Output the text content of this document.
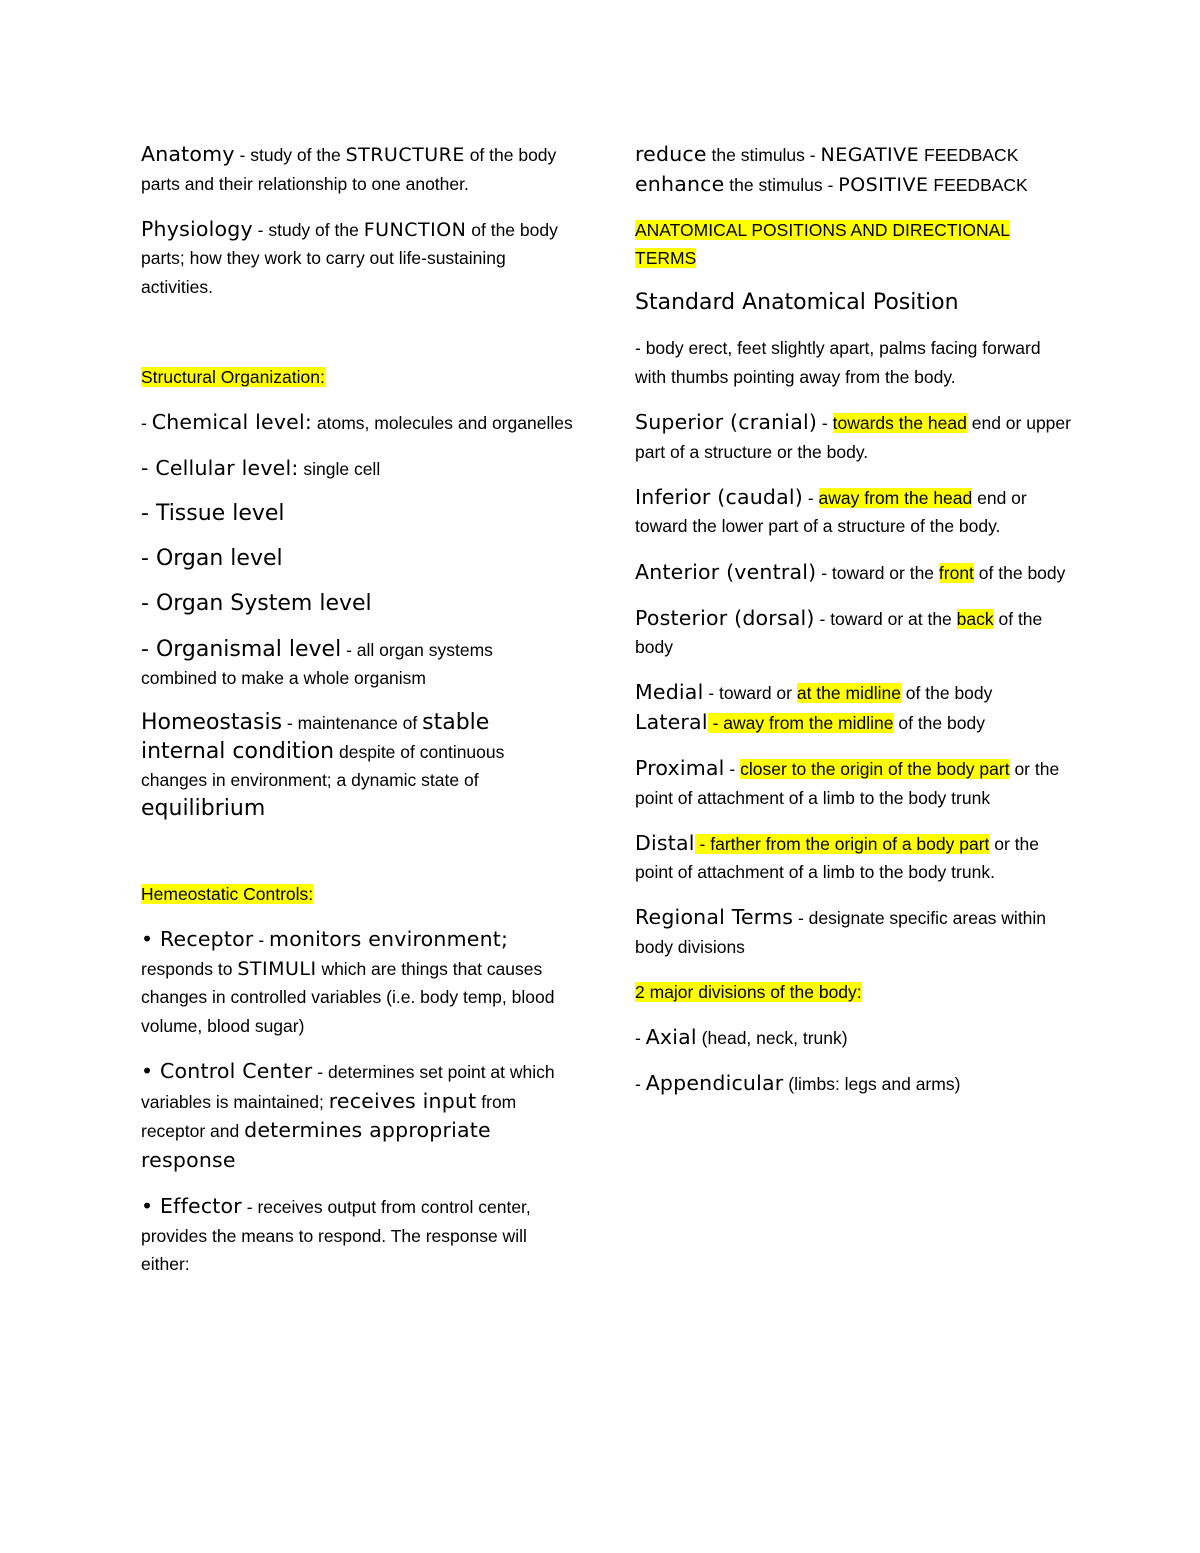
Anatomy - study of the STRUCTURE of the body parts and their relationship to one another.

Physiology - study of the FUNCTION of the body parts; how they work to carry out life-sustaining activities.

Structural Organization:

- Chemical level: atoms, molecules and organelles

- Cellular level: single cell

- Tissue level

- Organ level

- Organ System level

- Organismal level - all organ systems combined to make a whole organism

Homeostasis - maintenance of stable internal condition despite of continuous changes in environment; a dynamic state of equilibrium

Hemeostatic Controls:

• Receptor - monitors environment; responds to STIMULI which are things that causes changes in controlled variables (i.e. body temp, blood volume, blood sugar)

• Control Center - determines set point at which variables is maintained; receives input from receptor and determines appropriate response

• Effector - receives output from control center, provides the means to respond. The response will either:

reduce the stimulus - NEGATIVE FEEDBACK

enhance the stimulus - POSITIVE FEEDBACK

ANATOMICAL POSITIONS AND DIRECTIONAL TERMS

Standard Anatomical Position

- body erect, feet slightly apart, palms facing forward with thumbs pointing away from the body.

Superior (cranial) - towards the head end or upper part of a structure or the body.

Inferior (caudal) - away from the head end or toward the lower part of a structure of the body.

Anterior (ventral) - toward or the front of the body

Posterior (dorsal) - toward or at the back of the body

Medial - toward or at the midline of the body

Lateral - away from the midline of the body

Proximal - closer to the origin of the body part or the point of attachment of a limb to the body trunk

Distal - farther from the origin of a body part or the point of attachment of a limb to the body trunk.

Regional Terms - designate specific areas within body divisions

2 major divisions of the body:

- Axial (head, neck, trunk)

- Appendicular (limbs: legs and arms)
